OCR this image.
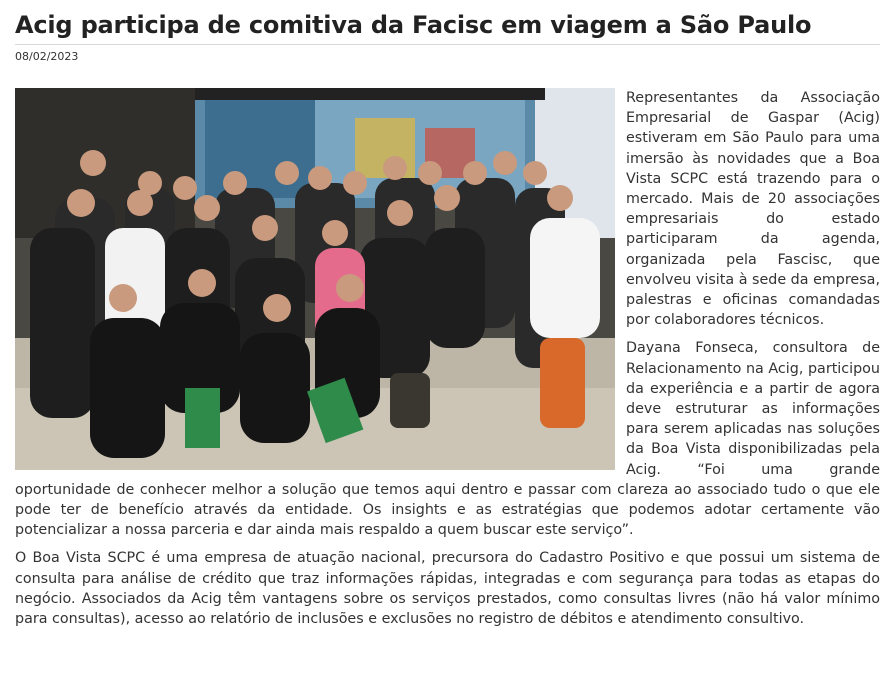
Acig participa de comitiva da Facisc em viagem a São Paulo
08/02/2023

Representantes da Associação Empresarial de Gaspar (Acig) estiveram em São Paulo para uma imersão às novidades que a Boa Vista SCPC está trazendo para o mercado. Mais de 20 associações empresariais do estado participaram da agenda, organizada pela Fascisc, que envolveu visita à sede da empresa, palestras e oficinas comandadas por colaboradores técnicos.

Dayana Fonseca, consultora de Relacionamento na Acig, participou da experiência e a partir de agora deve estruturar as informações para serem aplicadas nas soluções da Boa Vista disponibilizadas pela Acig. “Foi uma grande oportunidade de conhecer melhor a solução que temos aqui dentro e passar com clareza ao associado tudo o que ele pode ter de benefício através da entidade. Os insights e as estratégias que podemos adotar certamente vão potencializar a nossa parceria e dar ainda mais respaldo a quem buscar este serviço”.

O Boa Vista SCPC é uma empresa de atuação nacional, precursora do Cadastro Positivo e que possui um sistema de consulta para análise de crédito que traz informações rápidas, integradas e com segurança para todas as etapas do negócio. Associados da Acig têm vantagens sobre os serviços prestados, como consultas livres (não há valor mínimo para consultas), acesso ao relatório de inclusões e exclusões no registro de débitos e atendimento consultivo.
